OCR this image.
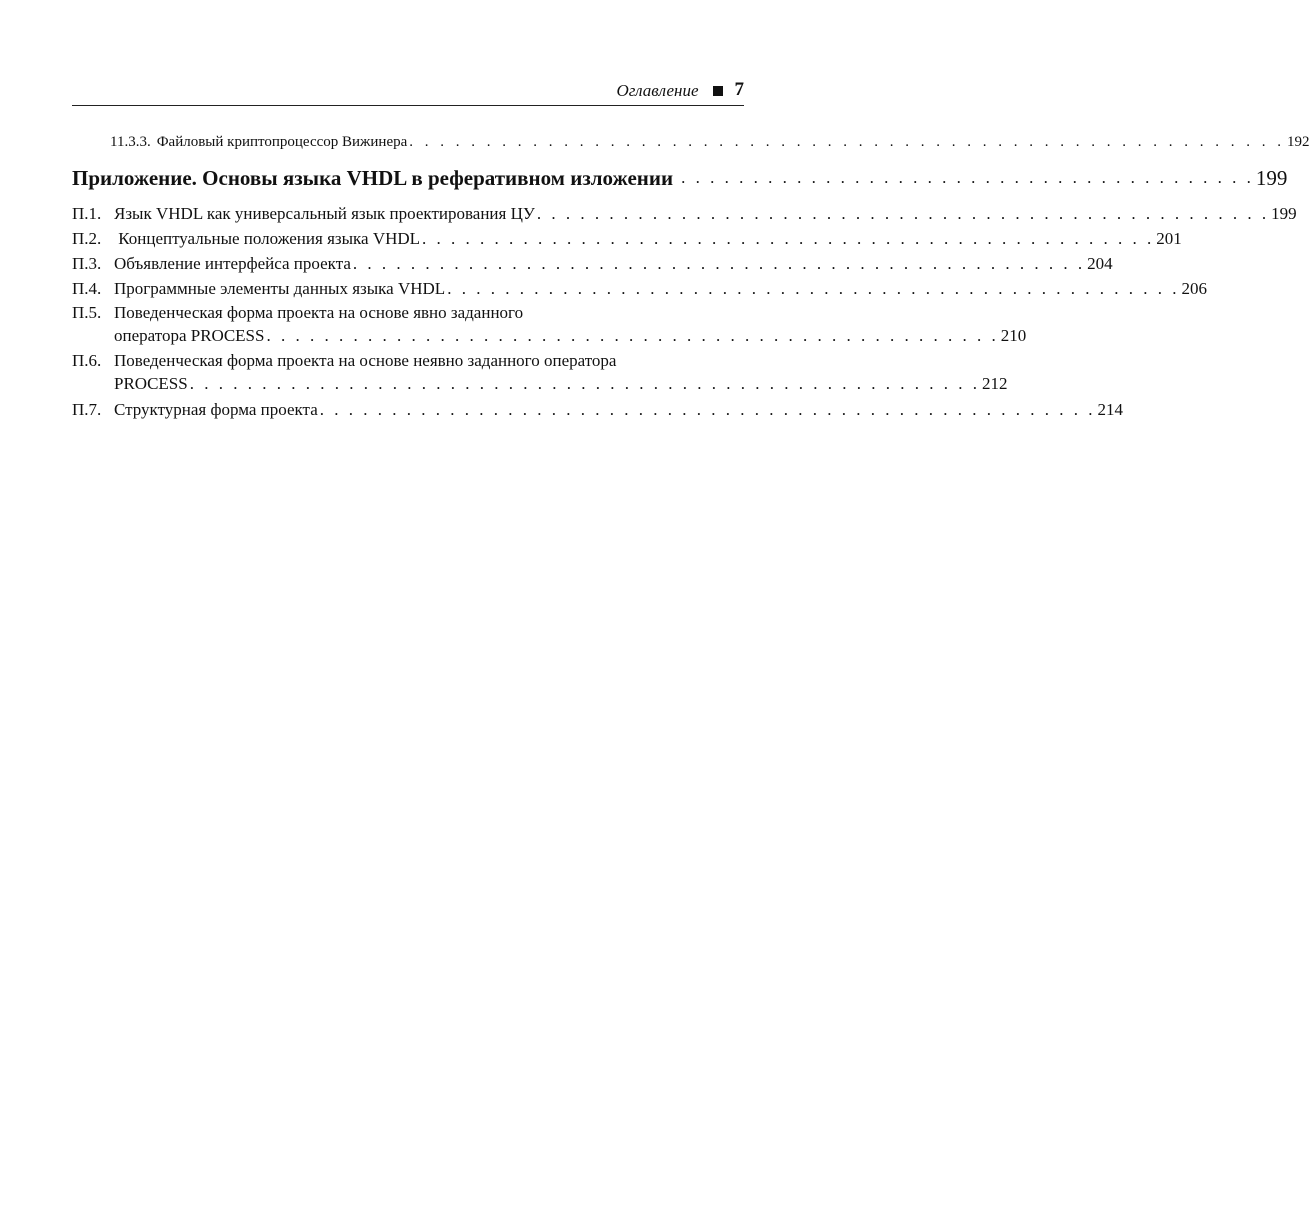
Оглавление 7
11.3.3. Файловый криптопроцессор Вижинера . . . . . . . . . . . . . . . . . . . . . . . . . . . . . . . . . . . . . . . . . . . . . . . . . . . . . . . . . 192
Приложение. Основы языка VHDL в реферативном изложении . . . . . . . . . . . . . . . . . . . . . . . . . . . . . . . . . . . . . . . . 199
П.1. Язык VHDL как универсальный язык проектирования ЦУ . . . . . . . . . . . . . . . . . . . . . . . . . . . . . . . . . . . . . . . . . . . . . . . . . . . 199
П.2. Концептуальные положения языка VHDL . . . . . . . . . . . . . . . . . . . . . . . . . . . . . . . . . . . . . . . . . . . . . . . . . . . 201
П.3. Объявление интерфейса проекта . . . . . . . . . . . . . . . . . . . . . . . . . . . . . . . . . . . . . . . . . . . . . . . . . . . 204
П.4. Программные элементы данных языка VHDL . . . . . . . . . . . . . . . . . . . . . . . . . . . . . . . . . . . . . . . . . . . . . . . . . . . 206
П.5. Поведенческая форма проекта на основе явно заданного
оператора PROCESS . . . . . . . . . . . . . . . . . . . . . . . . . . . . . . . . . . . . . . . . . . . . . . . . . . . 210
П.6. Поведенческая форма проекта на основе неявно заданного оператора
PROCESS . . . . . . . . . . . . . . . . . . . . . . . . . . . . . . . . . . . . . . . . . . . . . . . . . . . . . . . 212
П.7. Структурная форма проекта . . . . . . . . . . . . . . . . . . . . . . . . . . . . . . . . . . . . . . . . . . . . . . . . . . . . . . 214
